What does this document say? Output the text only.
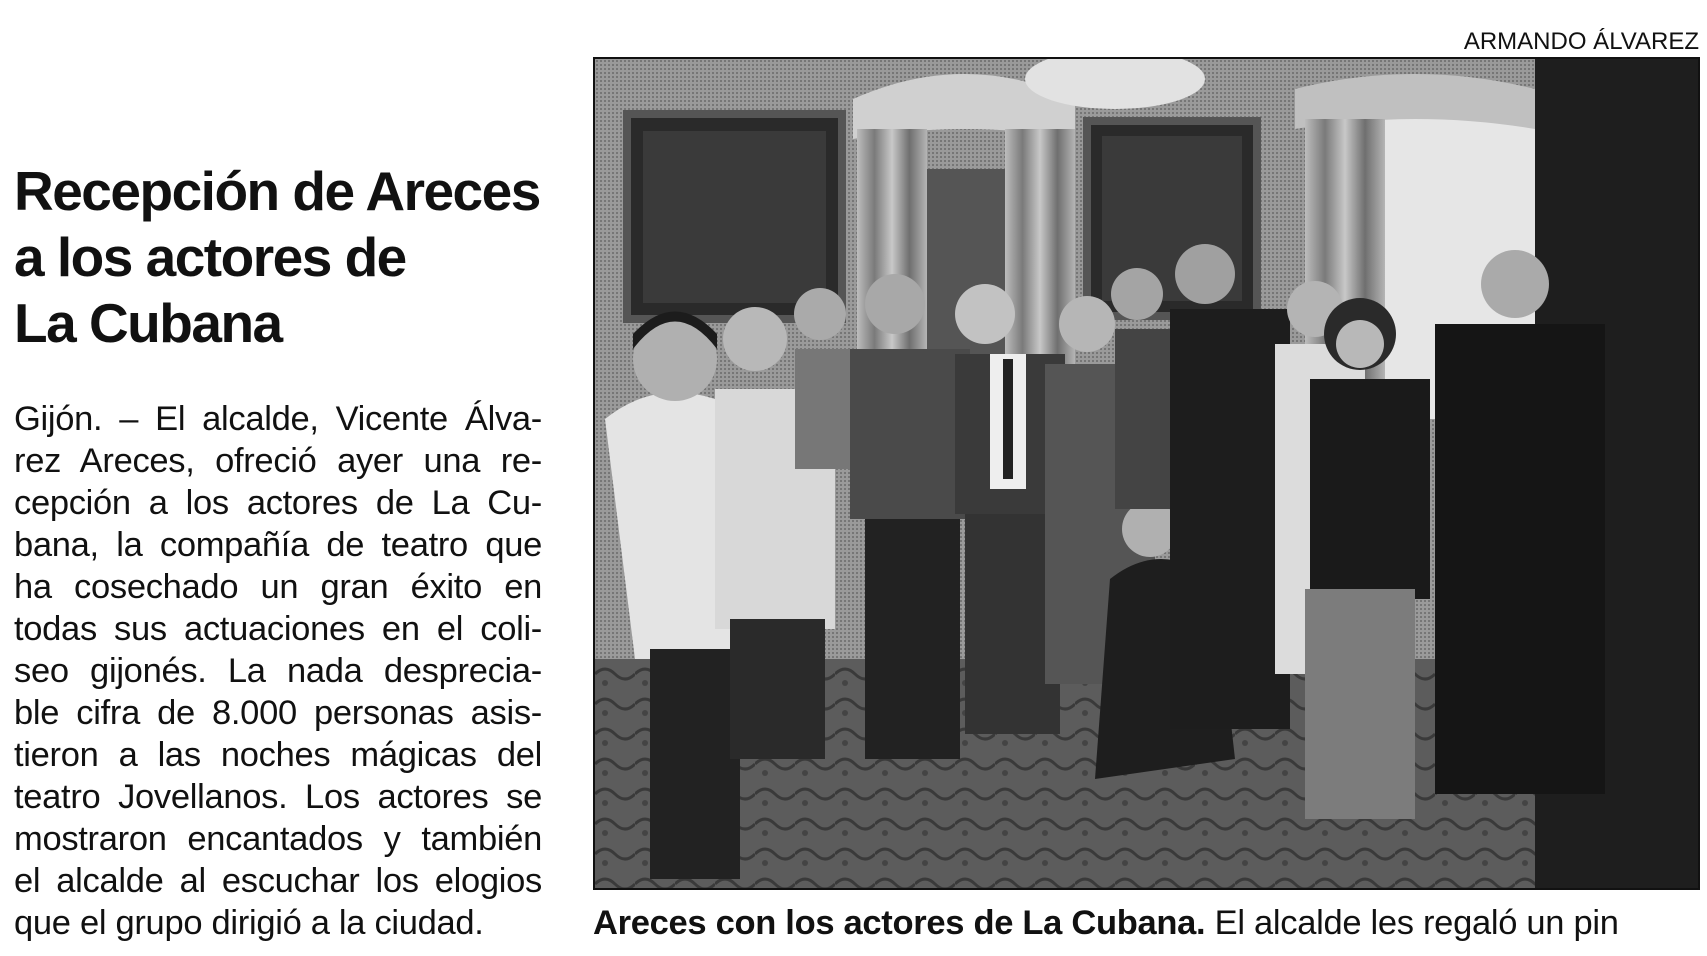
ARMANDO ÁLVAREZ
Recepción de Areces
a los actores de
La Cubana
Gijón. – El alcalde, Vicente Álva-
rez Areces, ofreció ayer una re-
cepción a los actores de La Cu-
bana, la compañía de teatro que
ha cosechado un gran éxito en
todas sus actuaciones en el coli-
seo gijonés. La nada despreciа-
ble cifra de 8.000 personas asis-
tieron a las noches mágicas del
teatro Jovellanos. Los actores se
mostraron encantados y también
el alcalde al escuchar los elogios
que el grupo dirigió a la ciudad.	Areces con los actores de La Cubana. El alcalde les regaló un pin
